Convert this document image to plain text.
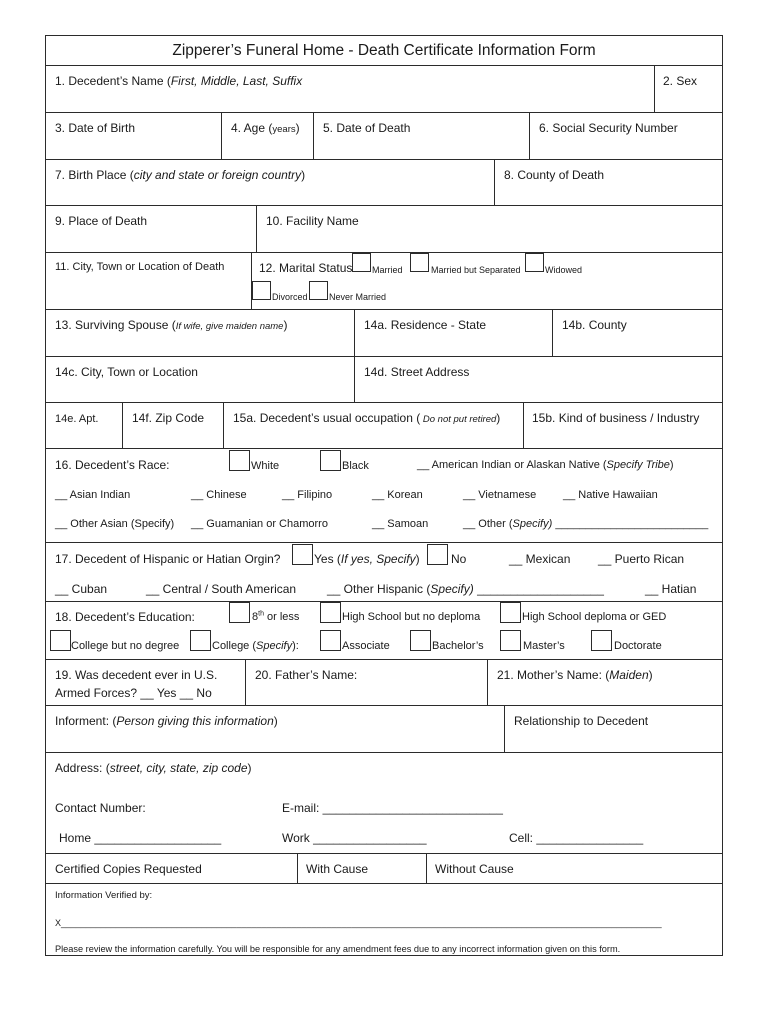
Zipperer’s Funeral Home - Death Certificate Information Form
1. Decedent’s Name (First, Middle, Last, Suffix	2. Sex
3. Date of Birth	4. Age (years) 5. Date of Death	6. Social Security Number
7. Birth Place (city and state or foreign country)	8. County of Death
9. Place of Death	10. Facility Name
11. City, Town or Location of Death	12. Marital Status Married	Married but Separated	Widowed
Divorced Never Married
13. Surviving Spouse (If wife, give maiden name)	14a. Residence - State	14b. County
14c. City, Town or Location	14d. Street Address
14e. Apt.	14f. Zip Code 15a. Decedent’s usual occupation ( Do not put retired)	15b. Kind of business / Industry
16. Decedent’s Race:	White	Black	__ American Indian or Alaskan Native (Specify Tribe)
__ Asian Indian	__ Chinese	__ Filipino	__ Korean	__ Vietnamese __ Native Hawaiian
__ Other Asian (Specify) __ Guamanian or Chamorro	__ Samoan	__ Other (Specify) _________________________
17. Decedent of Hispanic or Hatian Orgin?	Yes (If yes, Specify)	No	__ Mexican __ Puerto Rican
__ Cuban	__ Central / South American	__ Other Hispanic (Specify) ___________________	__ Hatian
18. Decedent’s Education:	8th or less	High School but no deploma	High School deploma or GED
College but no degree	College (Specify):	Associate	Bachelor’s	Master’s	Doctorate
19. Was decedent ever in U.S.
Armed Forces? __ Yes __ No
20. Father’s Name:	21. Mother’s Name: (Maiden)
Informent: (Person giving this information)	Relationship to Decedent
Address: (street, city, state, zip code)
Contact Number:	E-mail: ___________________________
Home ___________________	Work _________________	Cell: ________________
Certified Copies Requested	With Cause	Without Cause
Information Verified by:
X________________________________________________________________________________________________________________________
Please review the information carefully. You will be responsible for any amendment fees due to any incorrect information given on this form.
